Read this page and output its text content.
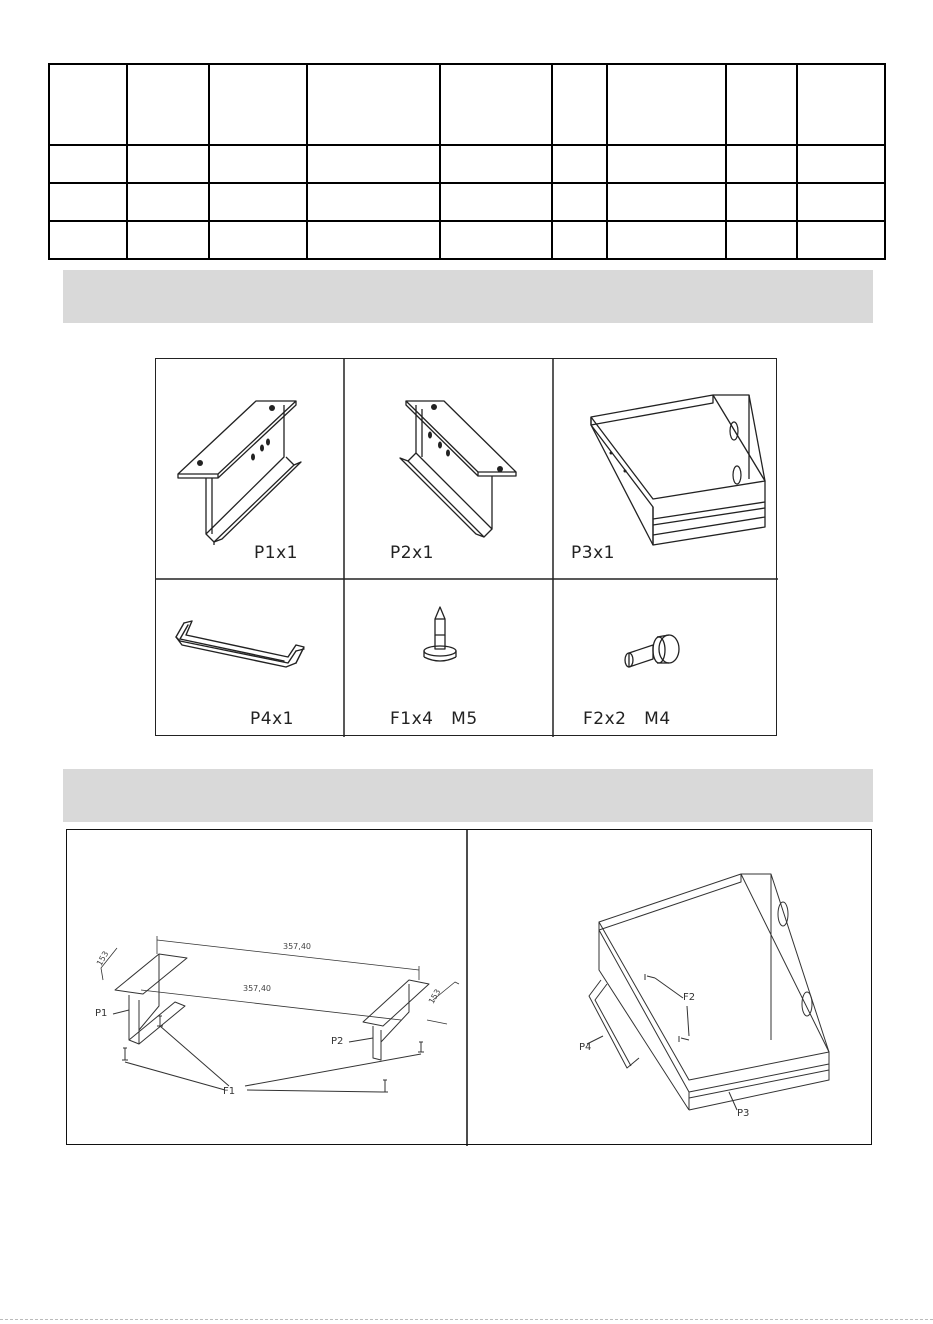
P1x1	P2x1	P3x1
P4x1	F1x4   M5	F2x2   M4
P1
P2
F1
357,40
357,40
153
153	F2
P4
P3
